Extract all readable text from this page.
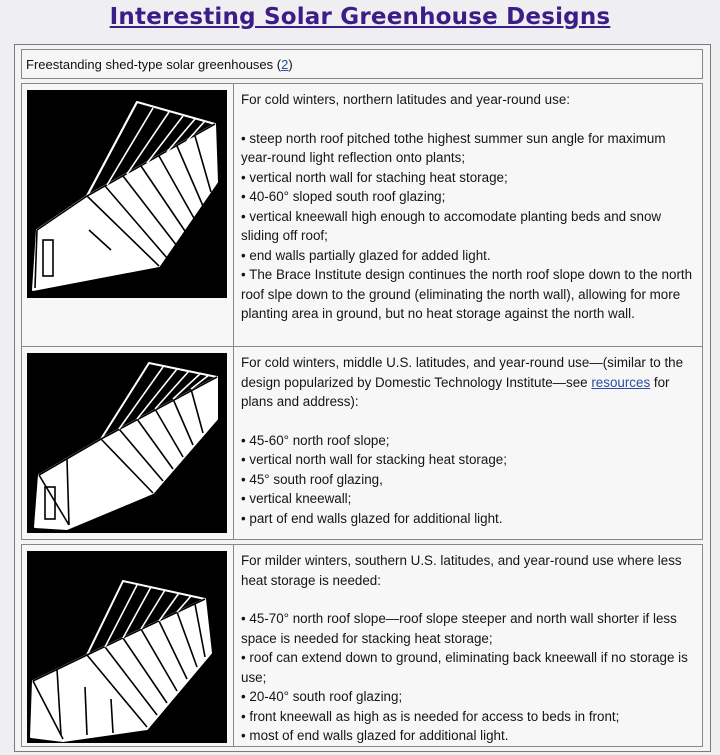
Interesting Solar Greenhouse Designs
Freestanding shed-type solar greenhouses (2)

For cold winters, northern latitudes and year-round use:

• steep north roof pitched tothe highest summer sun angle for maximum year-round light reflection onto plants;

• vertical north wall for staching heat storage;

• 40-60° sloped south roof glazing;

• vertical kneewall high enough to accomodate planting beds and snow sliding off roof;

• end walls partially glazed for added light.

• The Brace Institute design continues the north roof slope down to the north roof slpe down to the ground (eliminating the north wall), allowing for more planting area in ground, but no heat storage against the north wall.

For cold winters, middle U.S. latitudes, and year-round use—(similar to the design popularized by Domestic Technology Institute—see resources for plans and address):

• 45-60° north roof slope;

• vertical north wall for stacking heat storage;

• 45° south roof glazing,

• vertical kneewall;

• part of end walls glazed for additional light.

For milder winters, southern U.S. latitudes, and year-round use where less heat storage is needed:

• 45-70° north roof slope—roof slope steeper and north wall shorter if less space is needed for stacking heat storage;

• roof can extend down to ground, eliminating back kneewall if no storage is use;

• 20-40° south roof glazing;

• front kneewall as high as is needed for access to beds in front;

• most of end walls glazed for additional light.
